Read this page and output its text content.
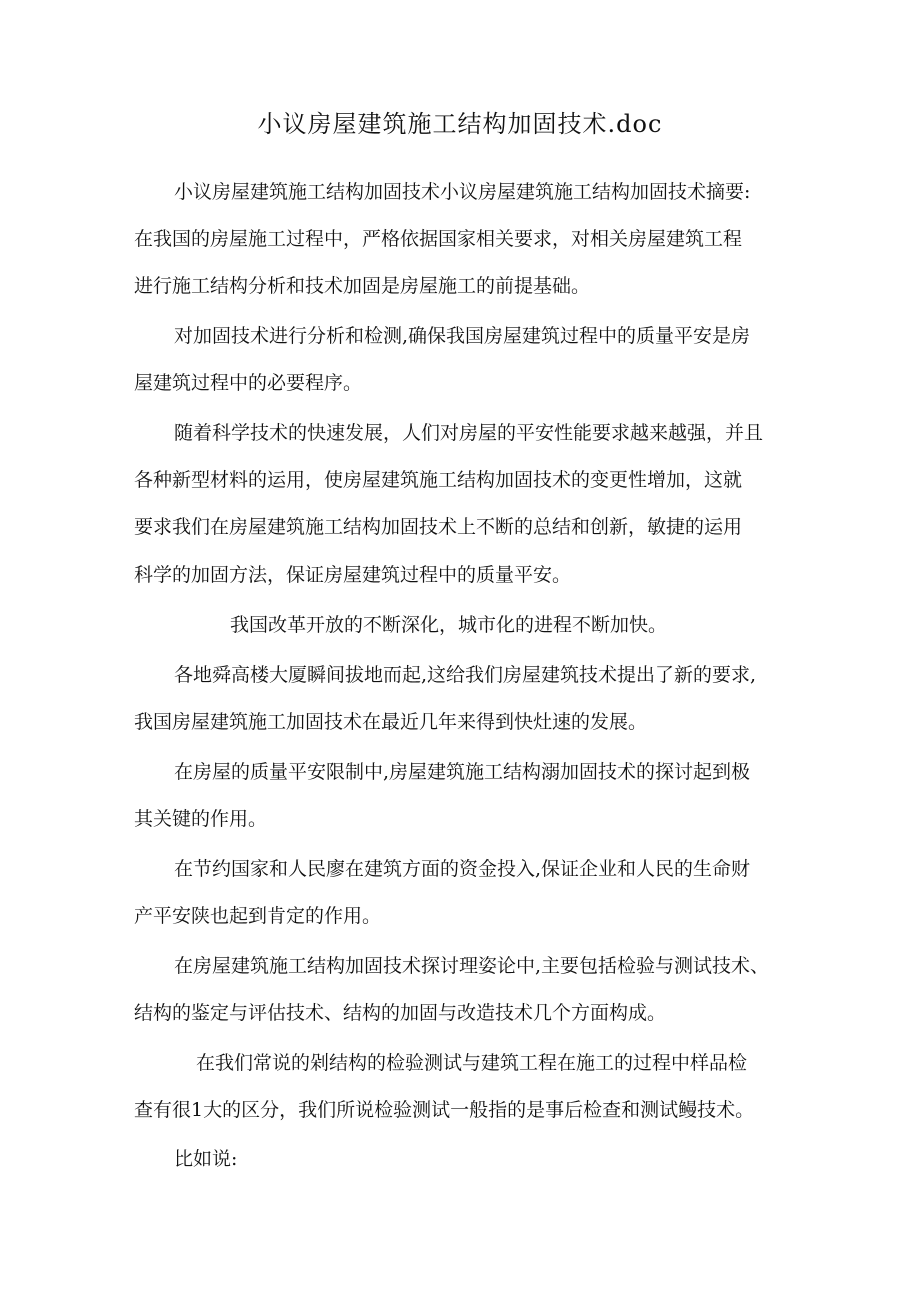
小议房屋建筑施工结构加固技术.doc
小议房屋建筑施工结构加固技术小议房屋建筑施工结构加固技术摘要:
在我国的房屋施工过程中，严格依据国家相关要求，对相关房屋建筑工程
进行施工结构分析和技术加固是房屋施工的前提基础。
对加固技术进行分析和检测,确保我国房屋建筑过程中的质量平安是房
屋建筑过程中的必要程序。
随着科学技术的快速发展，人们对房屋的平安性能要求越来越强，并且
各种新型材料的运用，使房屋建筑施工结构加固技术的变更性增加，这就
要求我们在房屋建筑施工结构加固技术上不断的总结和创新，敏捷的运用
科学的加固方法，保证房屋建筑过程中的质量平安。
我国改革开放的不断深化，城市化的进程不断加快。
各地舜高楼大厦瞬间拔地而起,这给我们房屋建筑技术提出了新的要求,
我国房屋建筑施工加固技术在最近几年来得到快灶速的发展。
在房屋的质量平安限制中,房屋建筑施工结构溺加固技术的探讨起到极
其关键的作用。
在节约国家和人民廖在建筑方面的资金投入,保证企业和人民的生命财
产平安陕也起到肯定的作用。
在房屋建筑施工结构加固技术探讨理姿论中,主要包括检验与测试技术、
结构的鉴定与评估技术、结构的加固与改造技术几个方面构成。
在我们常说的剁结构的检验测试与建筑工程在施工的过程中样品检
查有很1大的区分，我们所说检验测试一般指的是事后检查和测试鳗技术。
比如说:
